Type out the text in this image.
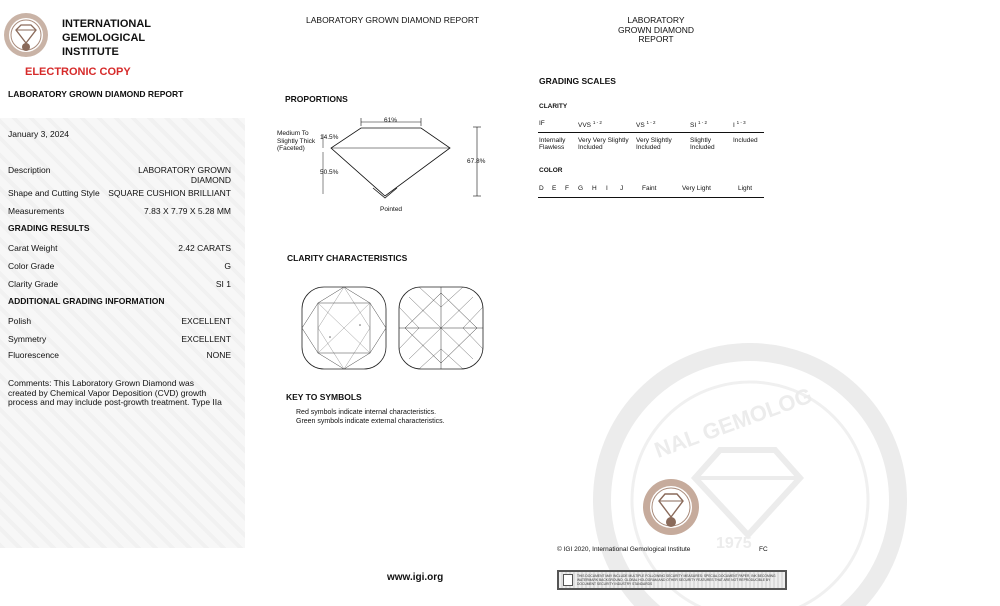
INTERNATIONAL
GEMOLOGICAL
INSTITUTE
ELECTRONIC COPY
LABORATORY GROWN DIAMOND REPORT
January 3, 2024
Description	LABORATORY GROWN DIAMOND
Shape and Cutting Style SQUARE CUSHION BRILLIANT
Measurements	7.83 X 7.79 X 5.28 MM
GRADING RESULTS
Carat Weight	2.42 CARATS
Color Grade	G
Clarity Grade	SI 1
ADDITIONAL GRADING INFORMATION
Polish	EXCELLENT
Symmetry	EXCELLENT
Fluorescence	NONE
Comments: This Laboratory Grown Diamond was created by Chemical Vapor Deposition (CVD) growth process and may include post-growth treatment. Type IIa
LABORATORY GROWN DIAMOND REPORT
PROPORTIONS
61%
14.5%
50.5%
67.8%
Medium To Slightly Thick (Faceted)
Pointed
CLARITY CHARACTERISTICS
KEY TO SYMBOLS
Red symbols indicate internal characteristics.
Green symbols indicate external characteristics.
www.igi.org
LABORATORY GROWN DIAMOND REPORT
GRADING SCALES
CLARITY
IF	VVS $^{1 - 2}$	VS $^{1 - 2}$	SI $^{1 - 2}$	I $^{1 - 3}$
Internally Flawless
Very Very Slightly Included
Very Slightly Included
Slightly Included
Included
COLOR
D E F G H I J	Faint	Very Light	Light
NAL GEMOLOG
1975
© IGI 2020, International Gemological Institute	FC
THIS DOCUMENT MAY INCLUDE MULTIPLE FOLLOWING SECURITY MEASURES: SPECIAL DOCUMENT PAPER, INK BECOMING WATERMARK BACKGROUND, GLOBAL HOLOGRAM AND OTHER SECURITY FEATURES THAT ARE NOT REPRODUCIBLE BY DOCUMENT SECURITY INDUSTRY STANDARDS
